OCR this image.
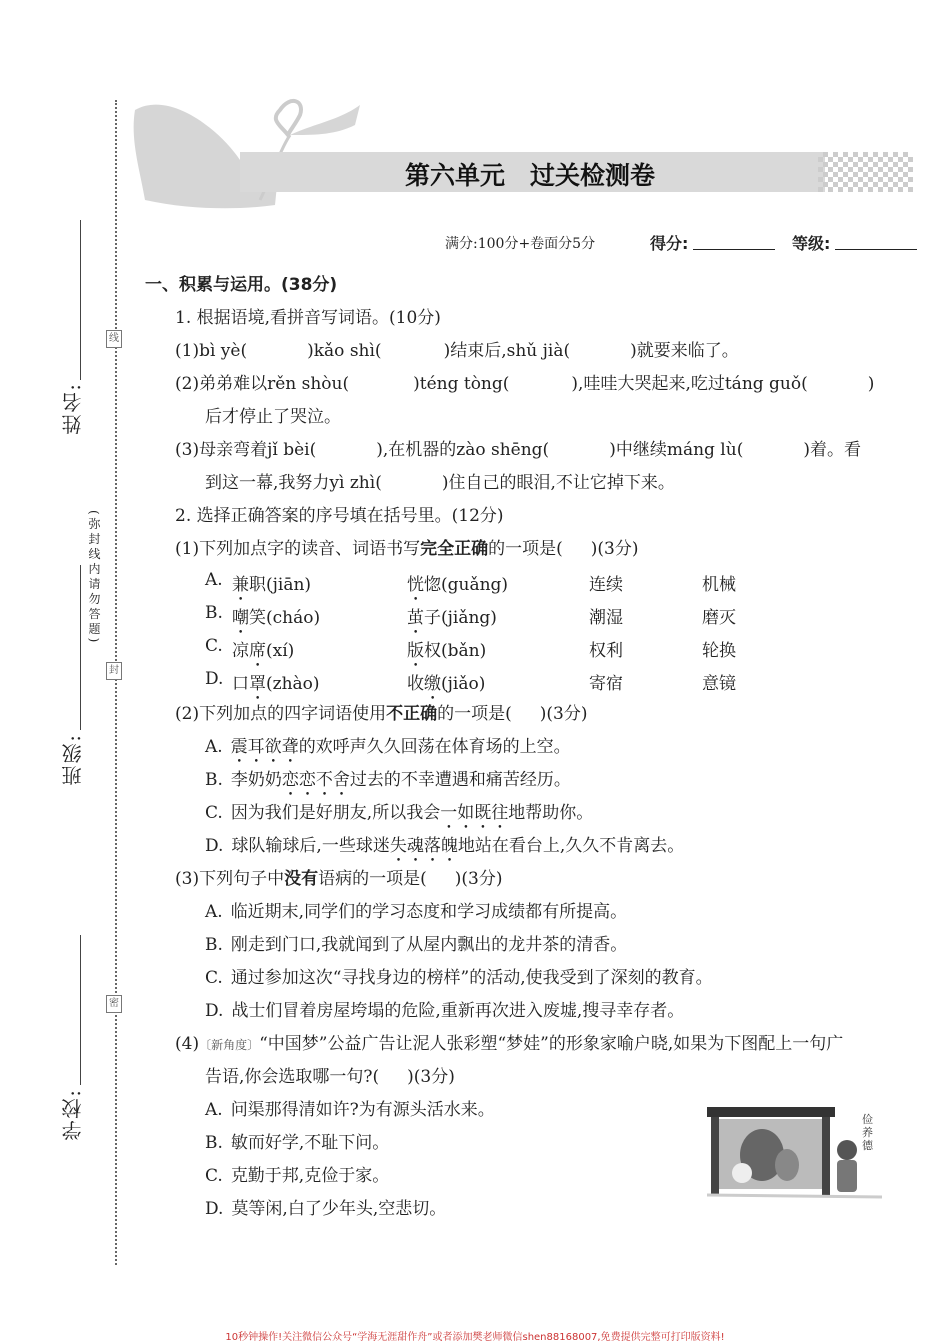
线
封
密
(弥封线内请勿答题)
姓名:
班级:
学校:
第六单元　过关检测卷
满分:100分+卷面分5分	得分:	等级:
一、积累与运用。(38分)
1. 根据语境,看拼音写词语。(10分)
(1)bì yè(	)kǎo shì(	)结束后,shǔ jià(	)就要来临了。
(2)弟弟难以rěn shòu(	)téng tòng(	),哇哇大哭起来,吃过táng guǒ(	)
后才停止了哭泣。
(3)母亲弯着jǐ bèi(	),在机器的zào shēng(	)中继续máng lù(	)着。看
到这一幕,我努力yì zhì(	)住自己的眼泪,不让它掉下来。
2. 选择正确答案的序号填在括号里。(12分)
(1)下列加点字的读音、词语书写完全正确的一项是( )(3分)
(2)下列加点的四字词语使用不正确的一项是( )(3分)
(3)下列句子中没有语病的一项是( )(3分)
(4)〔新角度〕“中国梦”公益广告让泥人张彩塑“梦娃”的形象家喻户晓,如果为下图配上一句广
告语,你会选取哪一句?( )(3分)
俭 养德
10秒钟操作!关注微信公众号“学海无涯甜作舟”或者添加樊老师微信shen88168007,免费提供完整可打印版资料!
A. 兼职(jiān)	恍惚(guǎng)	连续	机械
B. 嘲笑(cháo)	茧子(jiǎng)	潮湿	磨灭
C. 凉席(xí)	版权(bǎn)	权利	轮换
D. 口罩(zhào)	收缴(jiǎo)	寄宿	意镜
A. 震耳欲聋的欢呼声久久回荡在体育场的上空。
B. 李奶奶恋恋不舍过去的不幸遭遇和痛苦经历。
C. 因为我们是好朋友,所以我会一如既往地帮助你。
D. 球队输球后,一些球迷失魂落魄地站在看台上,久久不肯离去。
A. 临近期末,同学们的学习态度和学习成绩都有所提高。
B. 刚走到门口,我就闻到了从屋内飘出的龙井茶的清香。
C. 通过参加这次“寻找身边的榜样”的活动,使我受到了深刻的教育。
D. 战士们冒着房屋垮塌的危险,重新再次进入废墟,搜寻幸存者。
A. 问渠那得清如许?为有源头活水来。
B. 敏而好学,不耻下问。
C. 克勤于邦,克俭于家。
D. 莫等闲,白了少年头,空悲切。
